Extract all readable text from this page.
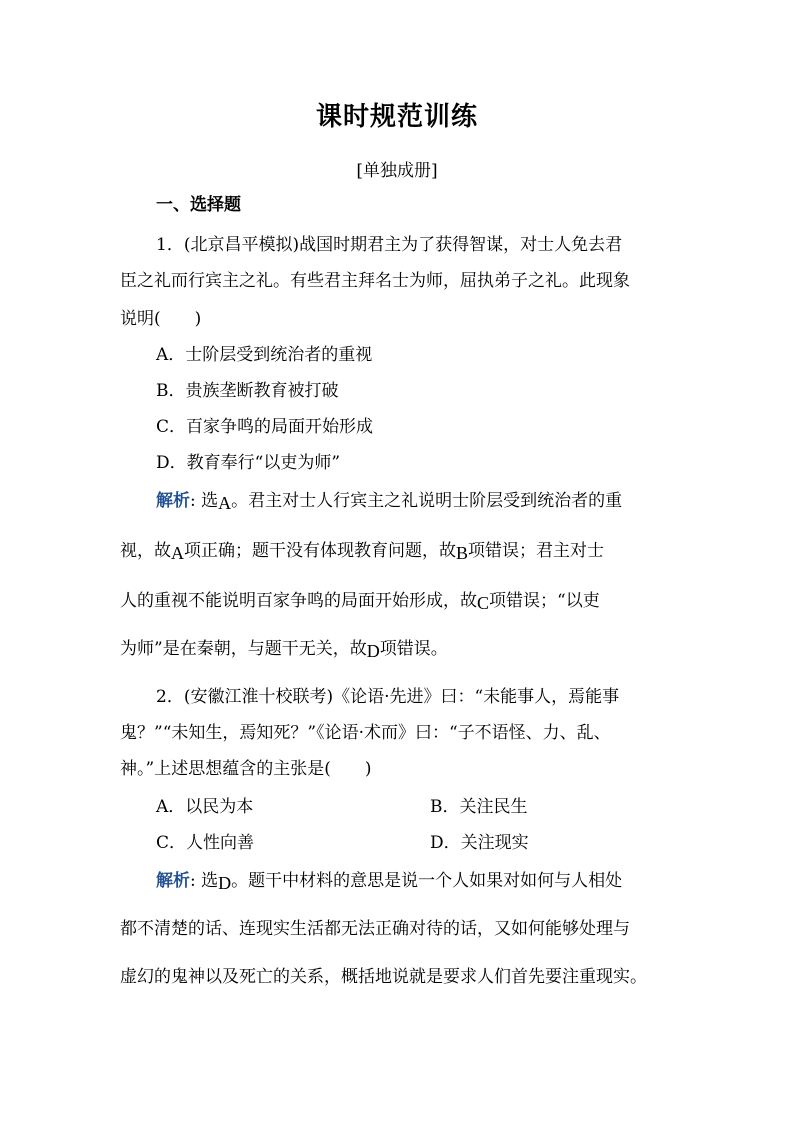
课时规范训练
[单独成册]
一、选择题
1．(北京昌平模拟)战国时期君主为了获得智谋，对士人免去君
臣之礼而行宾主之礼。有些君主拜名士为师，屈执弟子之礼。此现象
说明(　　)
A．士阶层受到统治者的重视
B．贵族垄断教育被打破
C．百家争鸣的局面开始形成
D．教育奉行“以吏为师”
解析: 选A。君主对士人行宾主之礼说明士阶层受到统治者的重
视，故A项正确；题干没有体现教育问题，故B项错误；君主对士
人的重视不能说明百家争鸣的局面开始形成，故C项错误；“以吏
为师”是在秦朝，与题干无关，故D项错误。
2．(安徽江淮十校联考)《论语·先进》曰：“未能事人，焉能事
鬼？”“未知生，焉知死？”《论语·术而》曰：“子不语怪、力、乱、
神。”上述思想蕴含的主张是(　　)
A．以民为本	B．关注民生
C．人性向善	D．关注现实
解析: 选D。题干中材料的意思是说一个人如果对如何与人相处
都不清楚的话、连现实生活都无法正确对待的话，又如何能够处理与
虚幻的鬼神以及死亡的关系，概括地说就是要求人们首先要注重现实。
